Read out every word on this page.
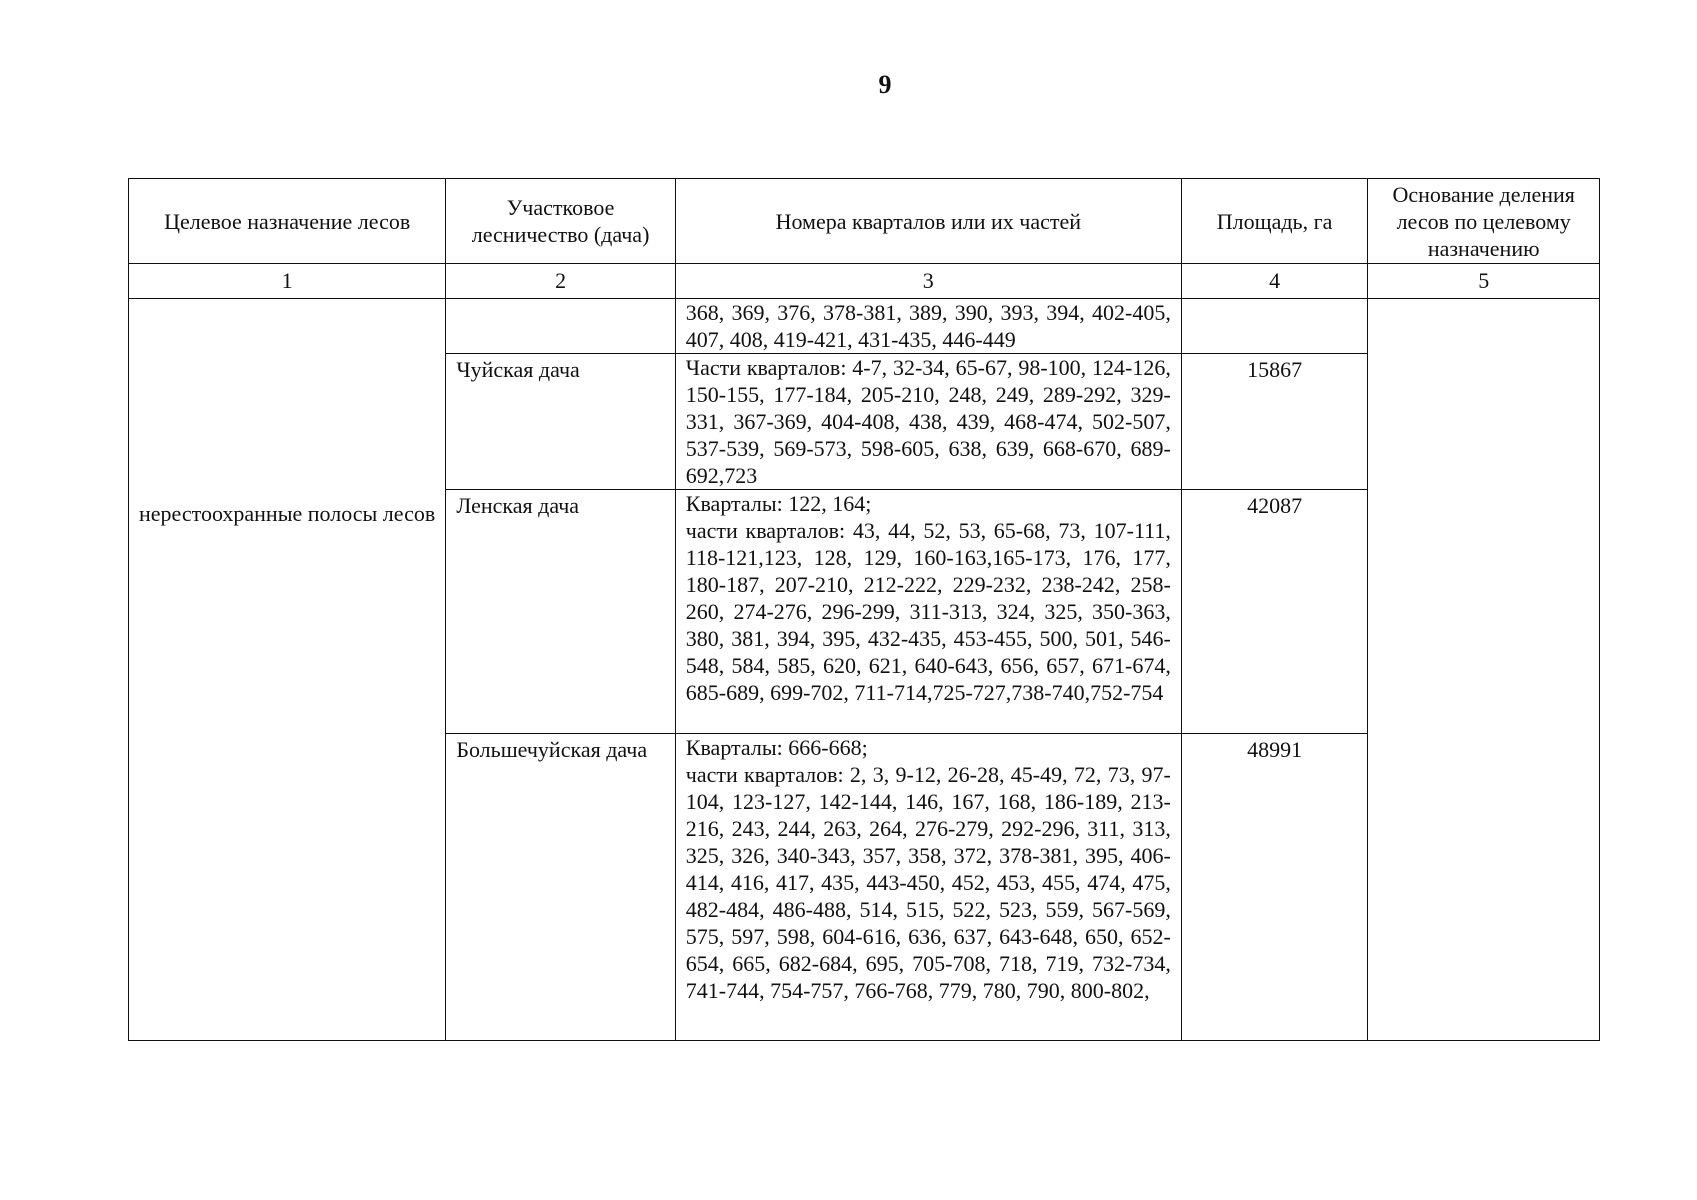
9
Целевое назначение лесов	Участковое лесничество (дача)	Номера кварталов или их частей	Площадь, га	Основание деления лесов по целевому назначению
1	2	3	4	5

нерестоохранные полосы лесов		368, 369, 376, 378-381, 389, 390, 393, 394, 402-405, 407, 408, 419-421, 431-435, 446-449		
	Чуйская дача	Части кварталов: 4-7, 32-34, 65-67, 98-100, 124-126, 150-155, 177-184, 205-210, 248, 249, 289-292, 329-331, 367-369, 404-408, 438, 439, 468-474, 502-507, 537-539, 569-573, 598-605, 638, 639, 668-670, 689-692,723	15867	
	Ленская дача	Кварталы: 122, 164;
части кварталов: 43, 44, 52, 53, 65-68, 73, 107-111, 118-121,123, 128, 129, 160-163,165-173, 176, 177, 180-187, 207-210, 212-222, 229-232, 238-242, 258-260, 274-276, 296-299, 311-313, 324, 325, 350-363, 380, 381, 394, 395, 432-435, 453-455, 500, 501, 546-548, 584, 585, 620, 621, 640-643, 656, 657, 671-674, 685-689, 699-702, 711-714,725-727,738-740,752-754	42087	
	Большечуйская дача	Кварталы: 666-668;
части кварталов: 2, 3, 9-12, 26-28, 45-49, 72, 73, 97-104, 123-127, 142-144, 146, 167, 168, 186-189, 213-216, 243, 244, 263, 264, 276-279, 292-296, 311, 313, 325, 326, 340-343, 357, 358, 372, 378-381, 395, 406-414, 416, 417, 435, 443-450, 452, 453, 455, 474, 475, 482-484, 486-488, 514, 515, 522, 523, 559, 567-569, 575, 597, 598, 604-616, 636, 637, 643-648, 650, 652-654, 665, 682-684, 695, 705-708, 718, 719, 732-734, 741-744, 754-757, 766-768, 779, 780, 790, 800-802,	48991	
